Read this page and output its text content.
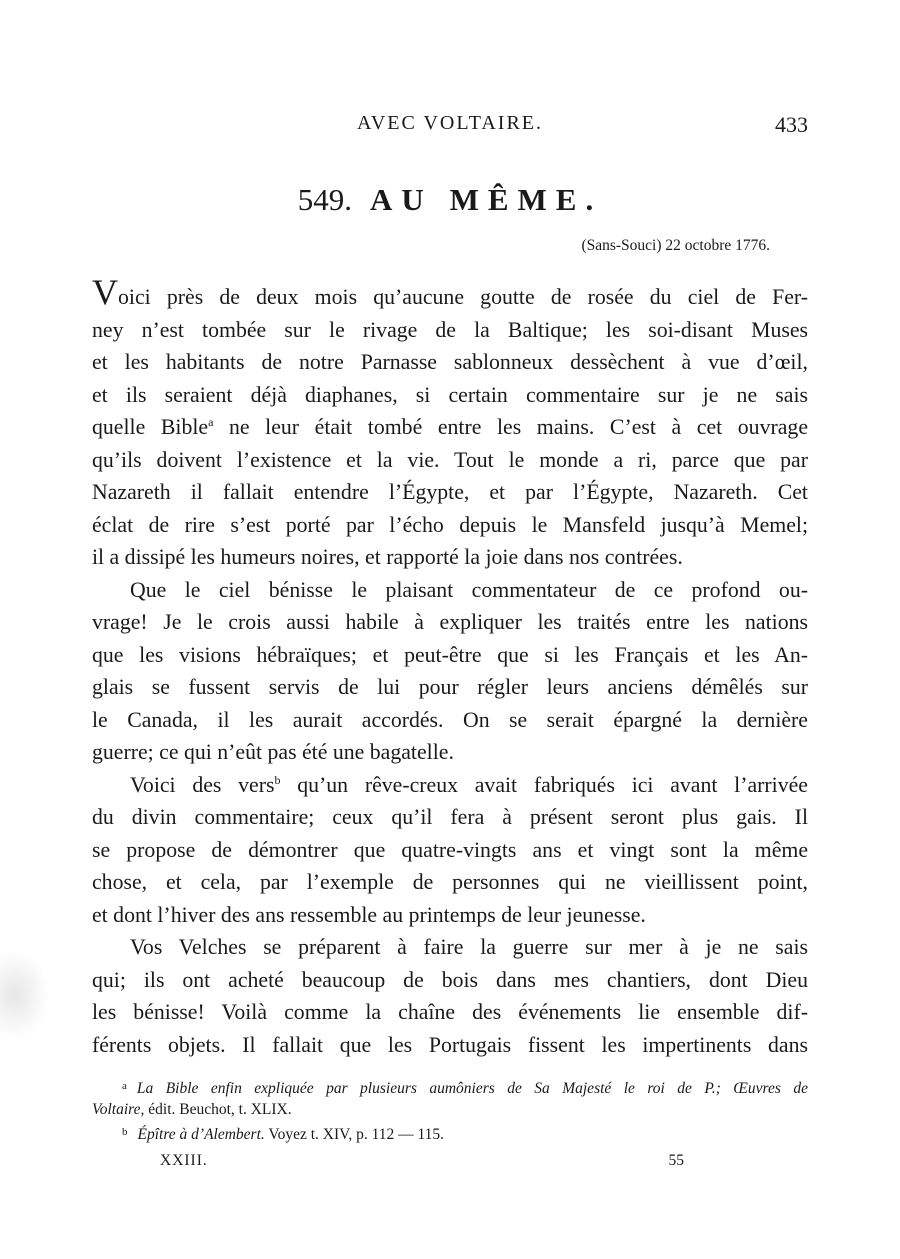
AVEC VOLTAIRE.	433
549. AU MÊME.
(Sans-Souci) 22 octobre 1776.
Voici près de deux mois qu’aucune goutte de rosée du ciel de Fer-
ney n’est tombée sur le rivage de la Baltique; les soi-disant Muses
et les habitants de notre Parnasse sablonneux dessèchent à vue d’œil,
et ils seraient déjà diaphanes, si certain commentaire sur je ne sais
quelle Bible$^a$ ne leur était tombé entre les mains. C’est à cet ouvrage
qu’ils doivent l’existence et la vie. Tout le monde a ri, parce que par
Nazareth il fallait entendre l’Égypte, et par l’Égypte, Nazareth. Cet
éclat de rire s’est porté par l’écho depuis le Mansfeld jusqu’à Memel;
il a dissipé les humeurs noires, et rapporté la joie dans nos contrées.
Que le ciel bénisse le plaisant commentateur de ce profond ou-
vrage! Je le crois aussi habile à expliquer les traités entre les nations
que les visions hébraïques; et peut-être que si les Français et les An-
glais se fussent servis de lui pour régler leurs anciens démêlés sur
le Canada, il les aurait accordés. On se serait épargné la dernière
guerre; ce qui n’eût pas été une bagatelle.
Voici des vers$^b$ qu’un rêve-creux avait fabriqués ici avant l’arrivée
du divin commentaire; ceux qu’il fera à présent seront plus gais. Il
se propose de démontrer que quatre-vingts ans et vingt sont la même
chose, et cela, par l’exemple de personnes qui ne vieillissent point,
et dont l’hiver des ans ressemble au printemps de leur jeunesse.
Vos Velches se préparent à faire la guerre sur mer à je ne sais
qui; ils ont acheté beaucoup de bois dans mes chantiers, dont Dieu
les bénisse! Voilà comme la chaîne des événements lie ensemble dif-
férents objets. Il fallait que les Portugais fissent les impertinents dans
$^a$ La Bible enfin expliquée par plusieurs aumôniers de Sa Majesté le roi de P.; Œuvres de
Voltaire, édit. Beuchot, t. XLIX.
$^b$ Épître à d’Alembert. Voyez t. XIV, p. 112 — 115.
XXIII.	55
